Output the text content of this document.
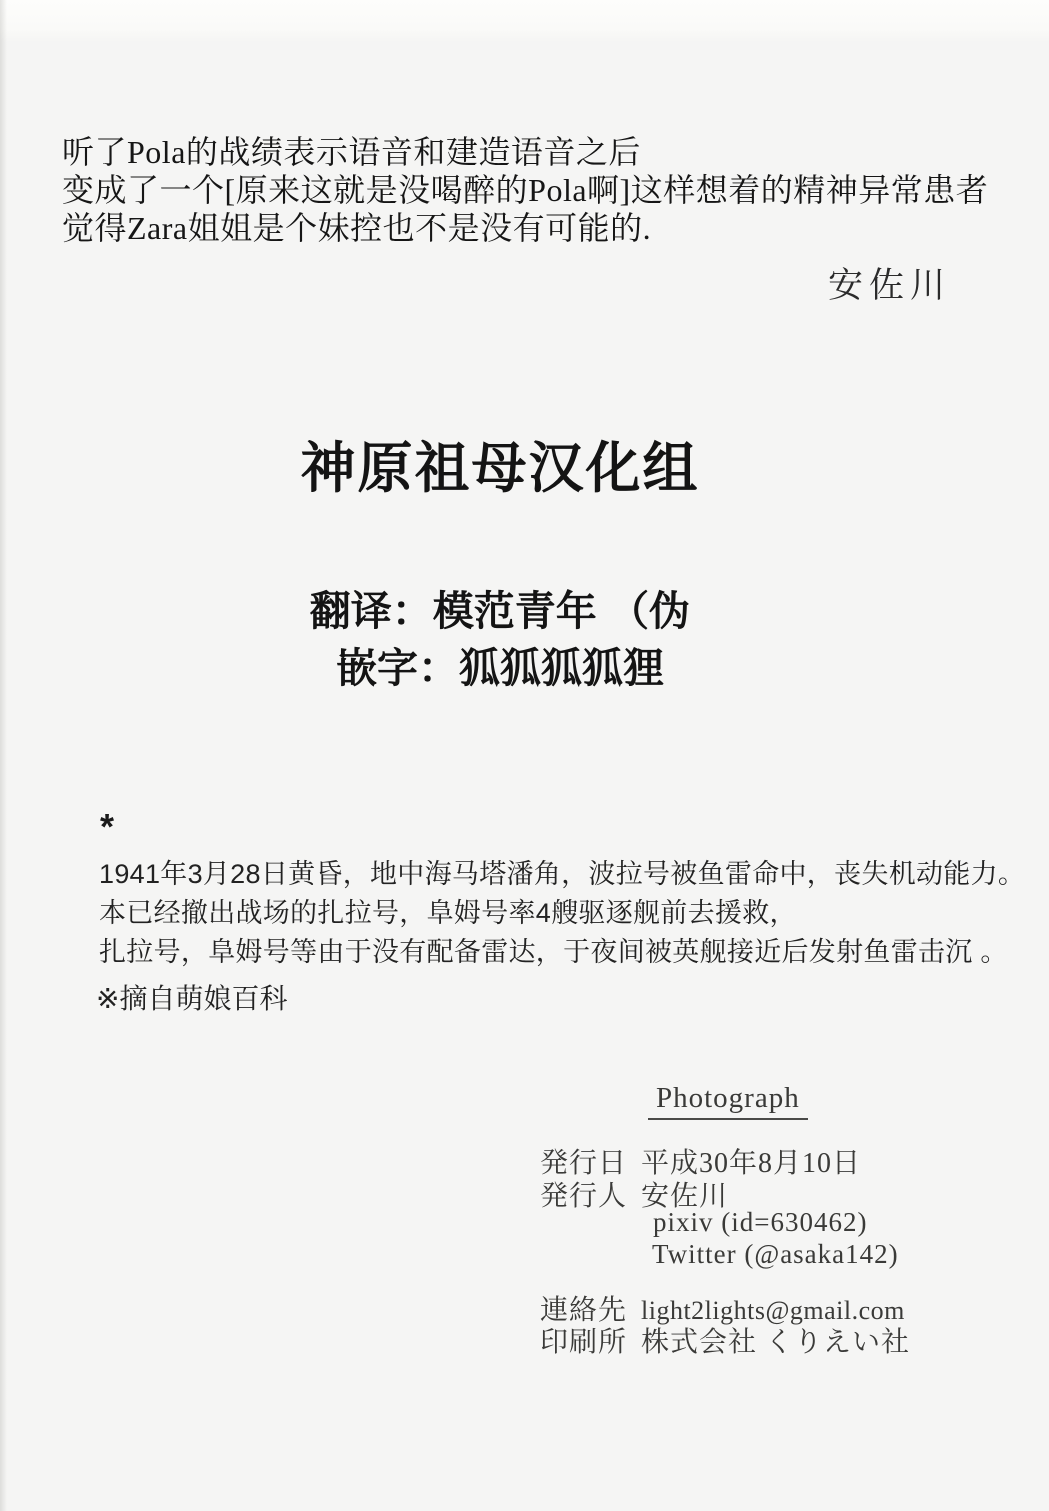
听了Pola的战绩表示语音和建造语音之后
变成了一个[原来这就是没喝醉的Pola啊]这样想着的精神异常患者
觉得Zara姐姐是个妹控也不是没有可能的.
安佐川
神原祖母汉化组
翻译：模范青年 （伪
嵌字：狐狐狐狐狸
*
1941年3月28日黄昏，地中海马塔潘角，波拉号被鱼雷命中，丧失机动能力。
本已经撤出战场的扎拉号，阜姆号率4艘驱逐舰前去援救，
扎拉号，阜姆号等由于没有配备雷达，于夜间被英舰接近后发射鱼雷击沉 。
※摘自萌娘百科
Photograph
発行日 平成30年8月10日
発行人 安佐川
pixiv (id=630462)
Twitter (@asaka142)
連絡先 light2lights@gmail.com
印刷所 株式会社 くりえい社
